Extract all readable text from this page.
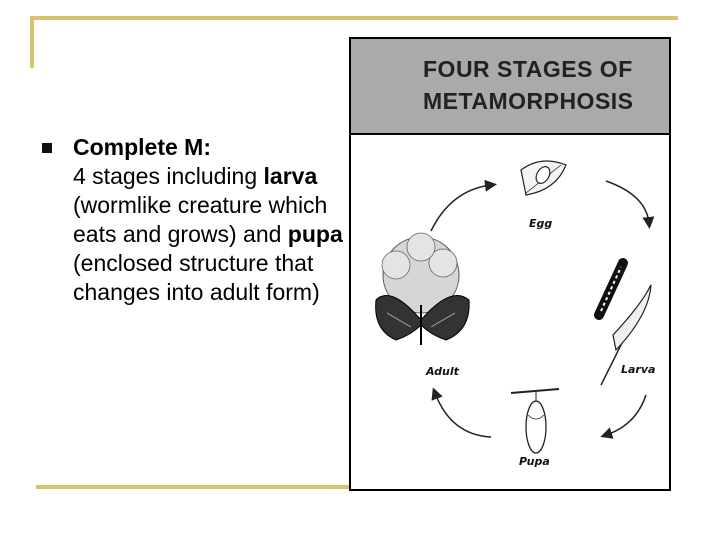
Complete M:
4 stages including larva (wormlike creature which eats and grows) and pupa (enclosed structure that changes into adult form)
FOUR STAGES OF
METAMORPHOSIS
Egg
Larva
Pupa
Adult
